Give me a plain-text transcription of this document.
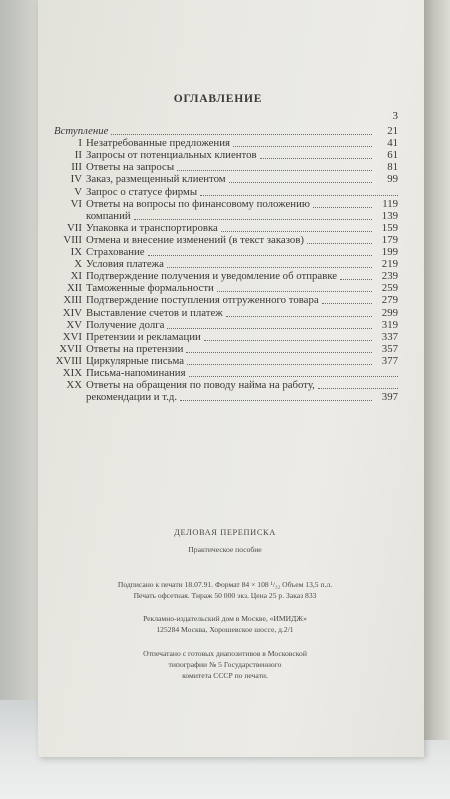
ОГЛАВЛЕНИЕ
3
Вступление	21
I Незатребованные предложения	41
II Запросы от потенциальных клиентов	61
III Ответы на запросы	81
IV Заказ, размещенный клиентом	99
V Запрос о статусе фирмы
VI Ответы на вопросы по финансовому положению	119
компаний	139
VII Упаковка и транспортировка	159
VIII Отмена и внесение изменений (в текст заказов)	179
IX Страхование	199
X Условия платежа	219
XI Подтверждение получения и уведомление об отправке	239
XII Таможенные формальности	259
XIII Подтверждение поступления отгруженного товара	279
XIV Выставление счетов и платеж	299
XV Получение долга	319
XVI Претензии и рекламации	337
XVII Ответы на претензии	357
XVIII Циркулярные письма	377
XIX Письма-напоминания
XX Ответы на обращения по поводу найма на работу,
рекомендации и т.д.	397
ДЕЛОВАЯ ПЕРЕПИСКА
Практическое пособие
Подписано к печати 18.07.91. Формат 84 × 108 ¹/₃₂ Объем 13,5 п.л.
Печать офсетная. Тираж 50 000 экз. Цена 25 р. Заказ 833
Рекламно-издательский дом в Москве, «ИМИДЖ»
125284 Москва, Хорошевское шоссе, д.2/1
Отпечатано с готовых диапозитивов в Московской
типографии № 5 Государственного
комитета СССР по печати.
